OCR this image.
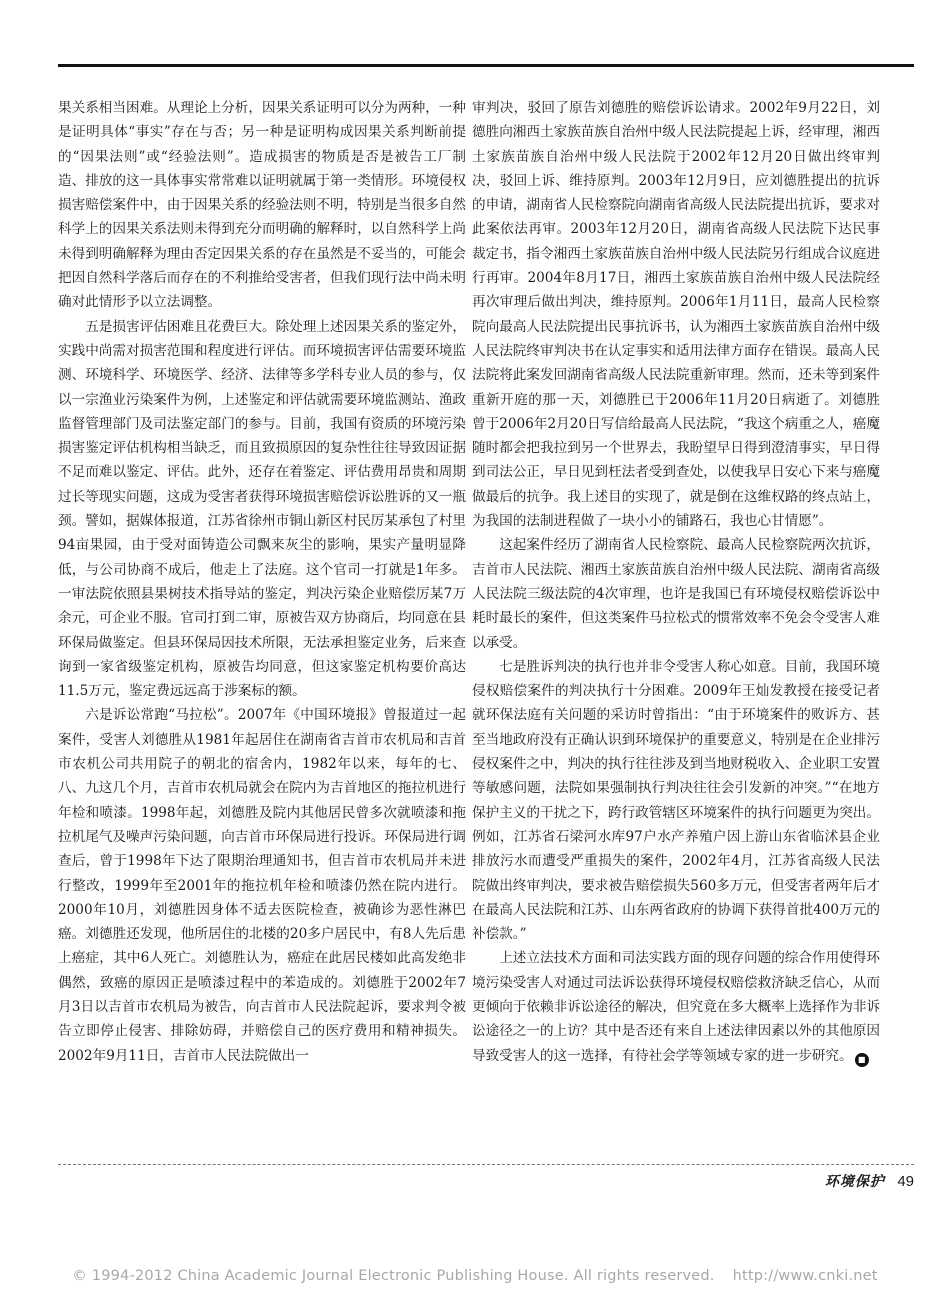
果关系相当困难。从理论上分析，因果关系证明可以分为两种，一种是证明具体“事实”存在与否；另一种是证明构成因果关系判断前提的“因果法则”或“经验法则”。造成损害的物质是否是被告工厂制造、排放的这一具体事实常常难以证明就属于第一类情形。环境侵权损害赔偿案件中，由于因果关系的经验法则不明，特别是当很多自然科学上的因果关系法则未得到充分而明确的解释时，以自然科学上尚未得到明确解释为理由否定因果关系的存在虽然是不妥当的，可能会把因自然科学落后而存在的不利推给受害者，但我们现行法中尚未明确对此情形予以立法调整。

五是损害评估困难且花费巨大。除处理上述因果关系的鉴定外，实践中尚需对损害范围和程度进行评估。而环境损害评估需要环境监测、环境科学、环境医学、经济、法律等多学科专业人员的参与，仅以一宗渔业污染案件为例，上述鉴定和评估就需要环境监测站、渔政监督管理部门及司法鉴定部门的参与。目前，我国有资质的环境污染损害鉴定评估机构相当缺乏，而且致损原因的复杂性往往导致因证据不足而难以鉴定、评估。此外，还存在着鉴定、评估费用昂贵和周期过长等现实问题，这成为受害者获得环境损害赔偿诉讼胜诉的又一瓶颈。譬如，据媒体报道，江苏省徐州市铜山新区村民厉某承包了村里94亩果园，由于受对面铸造公司飘来灰尘的影响，果实产量明显降低，与公司协商不成后，他走上了法庭。这个官司一打就是1年多。一审法院依照县果树技术指导站的鉴定，判决污染企业赔偿厉某7万余元，可企业不服。官司打到二审，原被告双方协商后，均同意在县环保局做鉴定。但县环保局因技术所限，无法承担鉴定业务，后来查询到一家省级鉴定机构，原被告均同意，但这家鉴定机构要价高达11.5万元，鉴定费远远高于涉案标的额。

六是诉讼常跑“马拉松”。2007年《中国环境报》曾报道过一起案件，受害人刘德胜从1981年起居住在湖南省吉首市农机局和吉首市农机公司共用院子的朝北的宿舍内，1982年以来，每年的七、八、九这几个月，吉首市农机局就会在院内为吉首地区的拖拉机进行年检和喷漆。1998年起，刘德胜及院内其他居民曾多次就喷漆和拖拉机尾气及噪声污染问题，向吉首市环保局进行投诉。环保局进行调查后，曾于1998年下达了限期治理通知书，但吉首市农机局并未进行整改，1999年至2001年的拖拉机年检和喷漆仍然在院内进行。2000年10月，刘德胜因身体不适去医院检查，被确诊为恶性淋巴癌。刘德胜还发现，他所居住的北楼的20多户居民中，有8人先后患上癌症，其中6人死亡。刘德胜认为，癌症在此居民楼如此高发绝非偶然，致癌的原因正是喷漆过程中的苯造成的。刘德胜于2002年7月3日以吉首市农机局为被告，向吉首市人民法院起诉，要求判令被告立即停止侵害、排除妨碍，并赔偿自己的医疗费用和精神损失。2002年9月11日，吉首市人民法院做出一

审判决，驳回了原告刘德胜的赔偿诉讼请求。2002年9月22日，刘德胜向湘西土家族苗族自治州中级人民法院提起上诉，经审理，湘西土家族苗族自治州中级人民法院于2002年12月20日做出终审判决，驳回上诉、维持原判。2003年12月9日，应刘德胜提出的抗诉的申请，湖南省人民检察院向湖南省高级人民法院提出抗诉，要求对此案依法再审。2003年12月20日，湖南省高级人民法院下达民事裁定书，指令湘西土家族苗族自治州中级人民法院另行组成合议庭进行再审。2004年8月17日，湘西土家族苗族自治州中级人民法院经再次审理后做出判决，维持原判。2006年1月11日，最高人民检察院向最高人民法院提出民事抗诉书，认为湘西土家族苗族自治州中级人民法院终审判决书在认定事实和适用法律方面存在错误。最高人民法院将此案发回湖南省高级人民法院重新审理。然而，还未等到案件重新开庭的那一天，刘德胜已于2006年11月20日病逝了。刘德胜曾于2006年2月20日写信给最高人民法院，“我这个病重之人，癌魔随时都会把我拉到另一个世界去，我盼望早日得到澄清事实，早日得到司法公正，早日见到枉法者受到查处，以使我早日安心下来与癌魔做最后的抗争。我上述目的实现了，就是倒在这维权路的终点站上，为我国的法制进程做了一块小小的铺路石，我也心甘情愿”。

这起案件经历了湖南省人民检察院、最高人民检察院两次抗诉，吉首市人民法院、湘西土家族苗族自治州中级人民法院、湖南省高级人民法院三级法院的4次审理，也许是我国已有环境侵权赔偿诉讼中耗时最长的案件，但这类案件马拉松式的惯常效率不免会令受害人难以承受。

七是胜诉判决的执行也并非令受害人称心如意。目前，我国环境侵权赔偿案件的判决执行十分困难。2009年王灿发教授在接受记者就环保法庭有关问题的采访时曾指出：“由于环境案件的败诉方、甚至当地政府没有正确认识到环境保护的重要意义，特别是在企业排污侵权案件之中，判决的执行往往涉及到当地财税收入、企业职工安置等敏感问题，法院如果强制执行判决往往会引发新的冲突。”“在地方保护主义的干扰之下，跨行政管辖区环境案件的执行问题更为突出。例如，江苏省石梁河水库97户水产养殖户因上游山东省临沭县企业排放污水而遭受严重损失的案件，2002年4月，江苏省高级人民法院做出终审判决，要求被告赔偿损失560多万元，但受害者两年后才在最高人民法院和江苏、山东两省政府的协调下获得首批400万元的补偿款。”

上述立法技术方面和司法实践方面的现存问题的综合作用使得环境污染受害人对通过司法诉讼获得环境侵权赔偿救济缺乏信心，从而更倾向于依赖非诉讼途径的解决，但究竟在多大概率上选择作为非诉讼途径之一的上访？其中是否还有来自上述法律因素以外的其他原因导致受害人的这一选择，有待社会学等领域专家的进一步研究。 ■

环境保护 49
© 1994-2012 China Academic Journal Electronic Publishing House. All rights reserved. http://www.cnki.net
